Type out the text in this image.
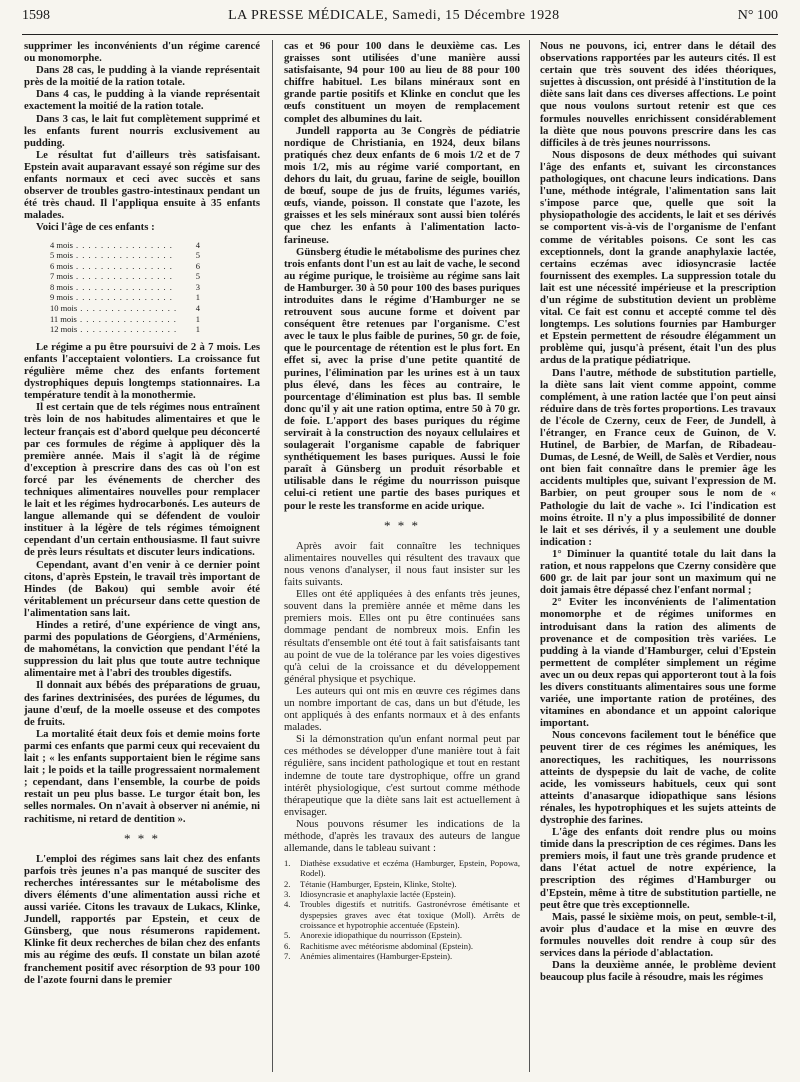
1598	LA PRESSE MÉDICALE, Samedi, 15 Décembre 1928	N° 100

supprimer les inconvénients d'un régime carencé ou monomorphe.

Dans 28 cas, le pudding à la viande représentait près de la moitié de la ration totale.

Dans 4 cas, le pudding à la viande représentait exactement la moitié de la ration totale.

Dans 3 cas, le lait fut complètement supprimé et les enfants furent nourris exclusivement au pudding.

Le résultat fut d'ailleurs très satisfaisant. Epstein avait auparavant essayé son régime sur des enfants normaux et ceci avec succès et sans observer de troubles gastro-intestinaux pendant un été très chaud. Il l'appliqua ensuite à 35 enfants malades.

Voici l'âge de ces enfants :

4 mois . . .	4
5 mois . . .	5
6 mois . . .	6
7 mois . . .	5
8 mois . . .	3
9 mois . . .	1
10 mois . . .	4
11 mois . . .	1
12 mois . . .	1

Le régime a pu être poursuivi de 2 à 7 mois. Les enfants l'acceptaient volontiers. La croissance fut régulière même chez des enfants fortement dystrophiques depuis longtemps stationnaires. La température tendit à la monothermie.

Il est certain que de tels régimes nous entraînent très loin de nos habitudes alimentaires et que le lecteur français est d'abord quelque peu déconcerté par ces formules de régime à appliquer dès la première année. Mais il s'agit là de régime d'exception à prescrire dans des cas où l'on est forcé par les événements de chercher des techniques alimentaires nouvelles pour remplacer le lait et les régimes hydrocarbonés. Les auteurs de langue allemande qui se défendent de vouloir instituer à la légère de tels régimes témoignent cependant d'un certain enthousiasme. Il faut suivre de près leurs résultats et discuter leurs indications.

Cependant, avant d'en venir à ce dernier point citons, d'après Epstein, le travail très important de Hindes (de Bakou) qui semble avoir été véritablement un précurseur dans cette question de l'alimentation sans lait.

Hindes a retiré, d'une expérience de vingt ans, parmi des populations de Géorgiens, d'Arméniens, de mahométans, la conviction que pendant l'été la suppression du lait plus que toute autre technique alimentaire met à l'abri des troubles digestifs.

Il donnait aux bébés des préparations de gruau, des farines dextrinisées, des purées de légumes, du jaune d'œuf, de la moelle osseuse et des compotes de fruits.

La mortalité était deux fois et demie moins forte parmi ces enfants que parmi ceux qui recevaient du lait ; « les enfants supportaient bien le régime sans lait ; le poids et la taille progressaient normalement ; cependant, dans l'ensemble, la courbe de poids restait un peu plus basse. Le turgor était bon, les selles normales. On n'avait à observer ni anémie, ni rachitisme, ni retard de dentition ».

* * *

L'emploi des régimes sans lait chez des enfants parfois très jeunes n'a pas manqué de susciter des recherches intéressantes sur le métabolisme des divers éléments d'une alimentation aussi riche et aussi variée. Citons les travaux de Lukacs, Klinke, Jundell, rapportés par Epstein, et ceux de Günsberg, que nous résumerons rapidement. Klinke fit deux recherches de bilan chez des enfants mis au régime des œufs. Il constate un bilan azoté franchement positif avec résorption de 93 pour 100 de l'azote fourni dans le premier

cas et 96 pour 100 dans le deuxième cas. Les graisses sont utilisées d'une manière aussi satisfaisante, 94 pour 100 au lieu de 88 pour 100 chiffre habituel. Les bilans minéraux sont en grande partie positifs et Klinke en conclut que les œufs constituent un moyen de remplacement complet des albumines du lait.

Jundell rapporta au 3e Congrès de pédiatrie nordique de Christiania, en 1924, deux bilans pratiqués chez deux enfants de 6 mois 1/2 et de 7 mois 1/2, mis au régime varié comportant, en dehors du lait, du gruau, farine de seigle, bouillon de bœuf, soupe de jus de fruits, légumes variés, œufs, viande, poisson. Il constate que l'azote, les graisses et les sels minéraux sont aussi bien tolérés que chez les enfants à l'alimentation lacto-farineuse.

Günsberg étudie le métabolisme des purines chez trois enfants dont l'un est au lait de vache, le second au régime purique, le troisième au régime sans lait de Hamburger. 30 à 50 pour 100 des bases puriques introduites dans le régime d'Hamburger ne se retrouvent sous aucune forme et doivent par conséquent être retenues par l'organisme. C'est avec le taux le plus faible de purines, 50 gr. de foie, que le pourcentage de rétention est le plus fort. En effet si, avec la prise d'une petite quantité de purines, l'élimination par les urines est à un taux plus élevé, dans les fèces au contraire, le pourcentage d'élimination est plus bas. Il semble donc qu'il y ait une ration optima, entre 50 à 70 gr. de foie. L'apport des bases puriques du régime servirait à la construction des noyaux cellulaires et soulagerait l'organisme capable de fabriquer synthétiquement les bases puriques. Aussi le foie paraît à Günsberg un produit résorbable et utilisable dans le régime du nourrisson puisque celui-ci retient une partie des bases puriques et pour le reste les transforme en acide urique.

* * *

Après avoir fait connaître les techniques alimentaires nouvelles qui résultent des travaux que nous venons d'analyser, il nous faut insister sur les faits suivants.

Elles ont été appliquées à des enfants très jeunes, souvent dans la première année et même dans les premiers mois. Elles ont pu être continuées sans dommage pendant de nombreux mois. Enfin les résultats d'ensemble ont été tout à fait satisfaisants tant au point de vue de la tolérance par les voies digestives qu'à celui de la croissance et du développement général physique et psychique.

Les auteurs qui ont mis en œuvre ces régimes dans un nombre important de cas, dans un but d'étude, les ont appliqués à des enfants normaux et à des enfants malades.

Si la démonstration qu'un enfant normal peut par ces méthodes se développer d'une manière tout à fait régulière, sans incident pathologique et tout en restant indemne de toute tare dystrophique, offre un grand intérêt physiologique, c'est surtout comme méthode thérapeutique que la diète sans lait est actuellement à envisager.

Nous pouvons résumer les indications de la méthode, d'après les travaux des auteurs de langue allemande, dans le tableau suivant :

1.	Diathèse exsudative et eczéma (Hamburger, Epstein, Popowa, Rodel).
2.	Tétanie (Hamburger, Epstein, Klinke, Stolte).
3.	Idiosyncrasie et anaphylaxie lactée (Epstein).
4.	Troubles digestifs et nutritifs. Gastronévrose émétisante et dyspepsies graves avec état toxique (Moll). Arrêts de croissance et hypotrophie accentuée (Epstein).
5.	Anorexie idiopathique du nourrisson (Epstein).
6.	Rachitisme avec météorisme abdominal (Epstein).
7.	Anémies alimentaires (Hamburger-Epstein).

Nous ne pouvons, ici, entrer dans le détail des observations rapportées par les auteurs cités. Il est certain que très souvent des idées théoriques, sujettes à discussion, ont présidé à l'institution de la diète sans lait dans ces diverses affections. Le point que nous voulons surtout retenir est que ces formules nouvelles enrichissent considérablement la diète que nous pouvons prescrire dans les cas difficiles à de très jeunes nourrissons.

Nous disposons de deux méthodes qui suivant l'âge des enfants et, suivant les circonstances pathologiques, ont chacune leurs indications. Dans l'une, méthode intégrale, l'alimentation sans lait s'impose parce que, quelle que soit la physiopathologie des accidents, le lait et ses dérivés se comportent vis-à-vis de l'organisme de l'enfant comme de véritables poisons. Ce sont les cas exceptionnels, dont la grande anaphylaxie lactée, certains eczémas avec idiosyncrasie lactée fournissent des exemples. La suppression totale du lait est une nécessité impérieuse et la prescription d'un régime de substitution devient un problème vital. Ce fait est connu et accepté comme tel dès longtemps. Les solutions fournies par Hamburger et Epstein permettent de résoudre élégamment un problème qui, jusqu'à présent, était l'un des plus ardus de la pratique pédiatrique.

Dans l'autre, méthode de substitution partielle, la diète sans lait vient comme appoint, comme complément, à une ration lactée que l'on peut ainsi réduire dans de très fortes proportions. Les travaux de l'école de Czerny, ceux de Feer, de Jundell, à l'étranger, en France ceux de Guinon, de V. Hutinel, de Barbier, de Marfan, de Ribadeau-Dumas, de Lesné, de Weill, de Salès et Verdier, nous ont bien fait connaître dans le premier âge les accidents multiples que, suivant l'expression de M. Barbier, on peut grouper sous le nom de « Pathologie du lait de vache ». Ici l'indication est moins étroite. Il n'y a plus impossibilité de donner le lait et ses dérivés, il y a seulement une double indication :

1° Diminuer la quantité totale du lait dans la ration, et nous rappelons que Czerny considère que 600 gr. de lait par jour sont un maximum qui ne doit jamais être dépassé chez l'enfant normal ;

2° Eviter les inconvénients de l'alimentation monomorphe et de régimes uniformes en introduisant dans la ration des aliments de provenance et de composition très variées. Le pudding à la viande d'Hamburger, celui d'Epstein permettent de compléter simplement un régime avec un ou deux repas qui apporteront tout à la fois les divers constituants alimentaires sous une forme variée, une importante ration de protéines, des vitamines en abondance et un appoint calorique important.

Nous concevons facilement tout le bénéfice que peuvent tirer de ces régimes les anémiques, les anorectiques, les rachitiques, les nourrissons atteints de dyspepsie du lait de vache, de colite acide, les vomisseurs habituels, ceux qui sont atteints d'anasarque idiopathique sans lésions rénales, les hypotrophiques et les sujets atteints de dystrophie des farines.

L'âge des enfants doit rendre plus ou moins timide dans la prescription de ces régimes. Dans les premiers mois, il faut une très grande prudence et dans l'état actuel de notre expérience, la prescription des régimes d'Hamburger ou d'Epstein, même à titre de substitution partielle, ne peut être que très exceptionnelle.

Mais, passé le sixième mois, on peut, semble-t-il, avoir plus d'audace et la mise en œuvre des formules nouvelles doit rendre à coup sûr des services dans la période d'ablactation.

Dans la deuxième année, le problème devient beaucoup plus facile à résoudre, mais les régimes
